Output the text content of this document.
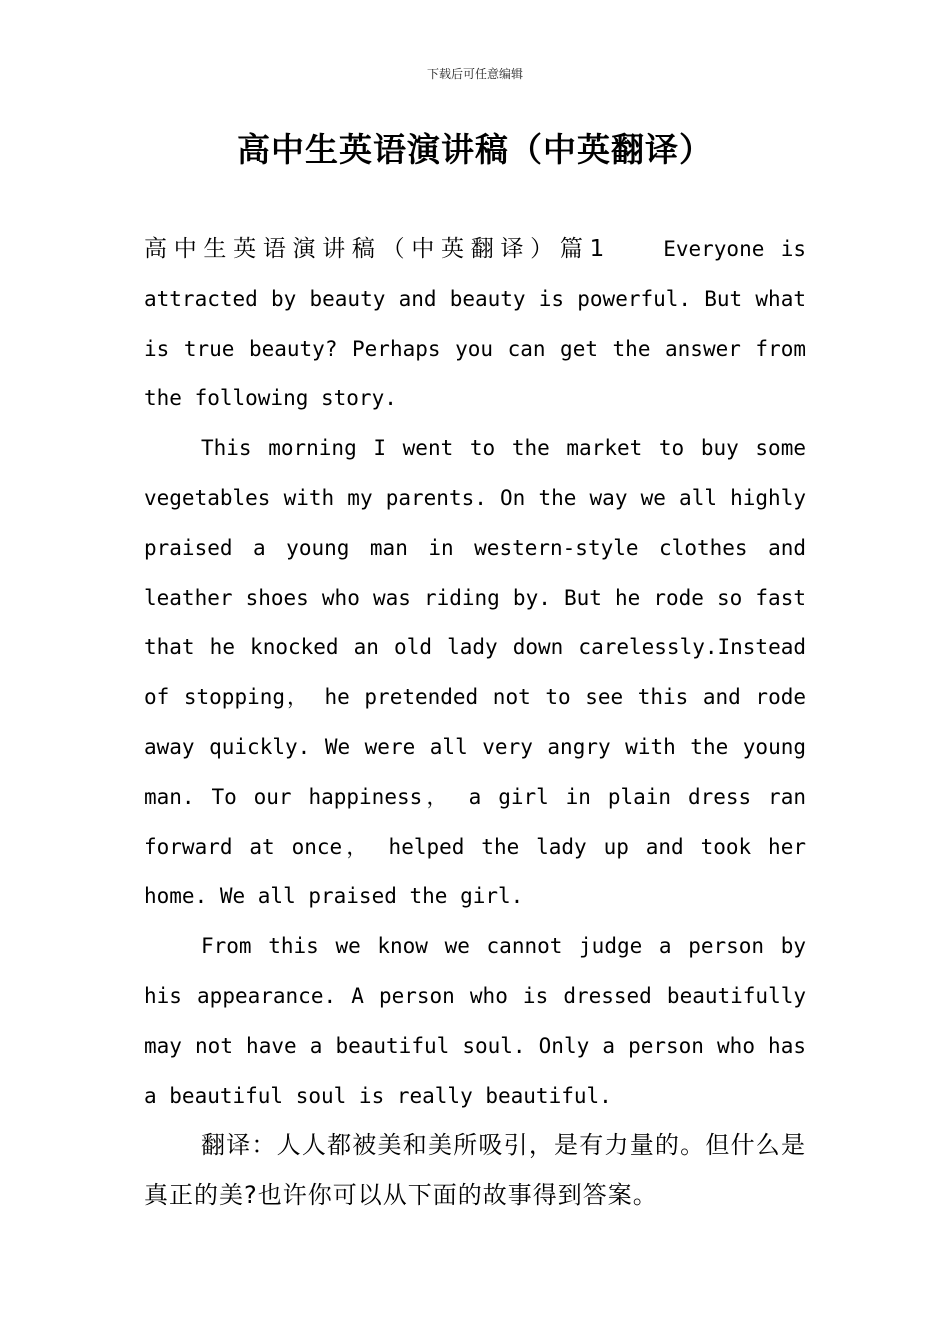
下载后可任意编辑
高中生英语演讲稿（中英翻译）

高中生英语演讲稿（中英翻译）篇1	Everyone is attracted by beauty and beauty is powerful. But what is true beauty? Perhaps you can get the answer from the following story.

This morning I went to the market to buy some vegetables with my parents. On the way we all highly praised a young man in western-style clothes and leather shoes who was riding by. But he rode so fast that he knocked an old lady down carelessly.Instead of stopping， he pretended not to see this and rode away quickly. We were all very angry with the young man. To our happiness， a girl in plain dress ran forward at once， helped the lady up and took her home. We all praised the girl.

From this we know we cannot judge a person by his appearance. A person who is dressed beautifully may not have a beautiful soul. Only a person who has a beautiful soul is really beautiful.

翻译：人人都被美和美所吸引，是有力量的。但什么是真正的美?也许你可以从下面的故事得到答案。
